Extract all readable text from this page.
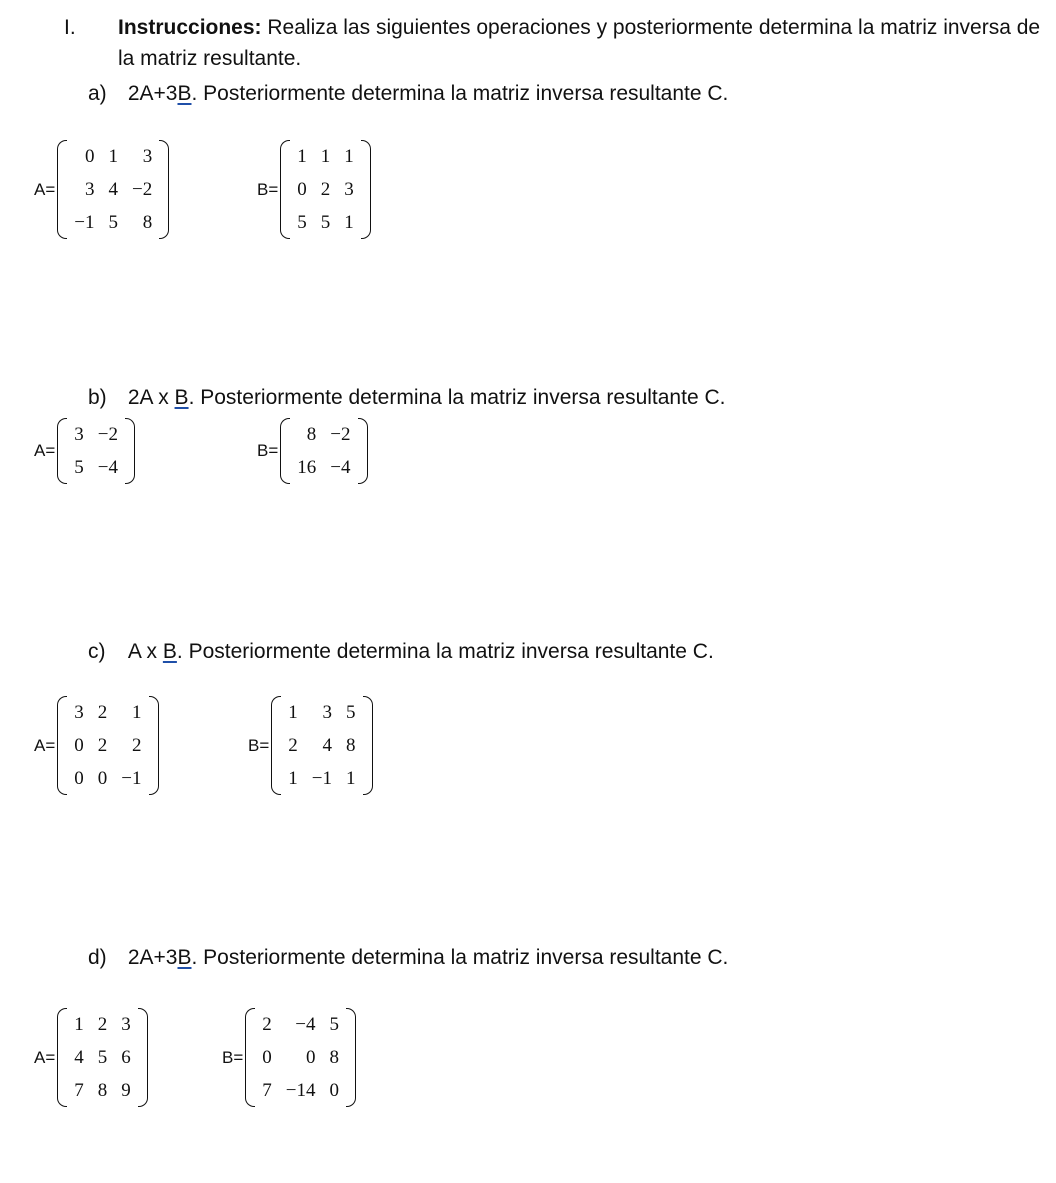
I. Instrucciones: Realiza las siguientes operaciones y posteriormente determina la matriz inversa de la matriz resultante.
a) 2A+3B. Posteriormente determina la matriz inversa resultante C.
A=
0	1	3
3	4	−2
−1	5	8
B=
1	1	1
0	2	3
5	5	1
b) 2A x B. Posteriormente determina la matriz inversa resultante C.
A=
3	−2
5	−4
B=
8	−2
16	−4
c) A x B. Posteriormente determina la matriz inversa resultante C.
A=
3	2	1
0	2	2
0	0	−1
B=
1	3	5
2	4	8
1	−1	1
d) 2A+3B. Posteriormente determina la matriz inversa resultante C.
A=
1	2	3
4	5	6
7	8	9
B=
2	−4	5
0	0	8
7	−14	0
